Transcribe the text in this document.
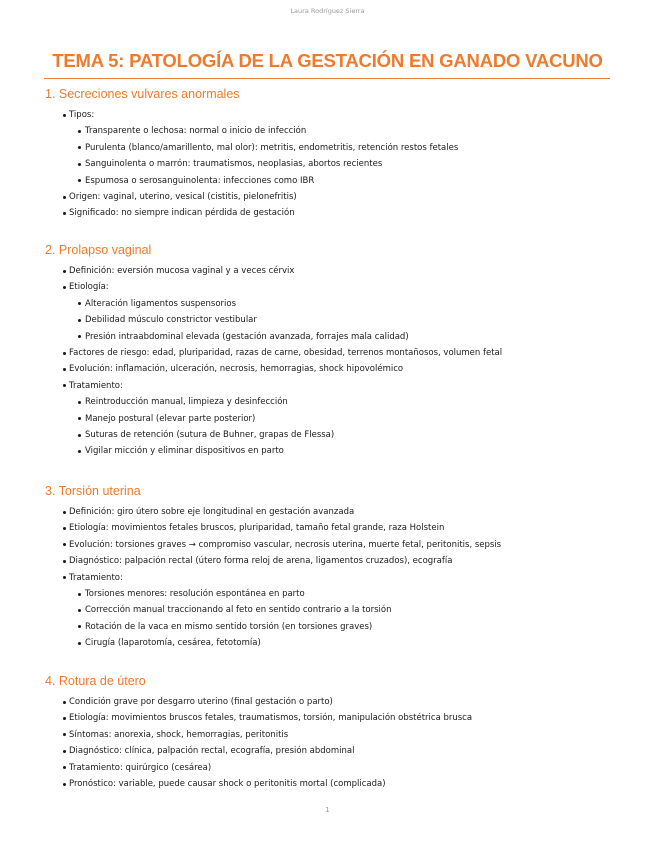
Laura Rodríguez Sierra
TEMA 5: PATOLOGÍA DE LA GESTACIÓN EN GANADO VACUNO
1. Secreciones vulvares anormales
Tipos:
Transparente o lechosa: normal o inicio de infección
Purulenta (blanco/amarillento, mal olor): metritis, endometritis, retención restos fetales
Sanguinolenta o marrón: traumatismos, neoplasias, abortos recientes
Espumosa o serosanguinolenta: infecciones como IBR
Origen: vaginal, uterino, vesical (cistitis, pielonefritis)
Significado: no siempre indican pérdida de gestación
2. Prolapso vaginal
Definición: eversión mucosa vaginal y a veces cérvix
Etiología:
Alteración ligamentos suspensorios
Debilidad músculo constrictor vestibular
Presión intraabdominal elevada (gestación avanzada, forrajes mala calidad)
Factores de riesgo: edad, pluriparidad, razas de carne, obesidad, terrenos montañosos, volumen fetal
Evolución: inflamación, ulceración, necrosis, hemorragias, shock hipovolémico
Tratamiento:
Reintroducción manual, limpieza y desinfección
Manejo postural (elevar parte posterior)
Suturas de retención (sutura de Buhner, grapas de Flessa)
Vigilar micción y eliminar dispositivos en parto
3. Torsión uterina
Definición: giro útero sobre eje longitudinal en gestación avanzada
Etiología: movimientos fetales bruscos, pluriparidad, tamaño fetal grande, raza Holstein
Evolución: torsiones graves → compromiso vascular, necrosis uterina, muerte fetal, peritonitis, sepsis
Diagnóstico: palpación rectal (útero forma reloj de arena, ligamentos cruzados), ecografía
Tratamiento:
Torsiones menores: resolución espontánea en parto
Corrección manual traccionando al feto en sentido contrario a la torsión
Rotación de la vaca en mismo sentido torsión (en torsiones graves)
Cirugía (laparotomía, cesárea, fetotomía)
4. Rotura de útero
Condición grave por desgarro uterino (final gestación o parto)
Etiología: movimientos bruscos fetales, traumatismos, torsión, manipulación obstétrica brusca
Síntomas: anorexia, shock, hemorragias, peritonitis
Diagnóstico: clínica, palpación rectal, ecografía, presión abdominal
Tratamiento: quirúrgico (cesárea)
Pronóstico: variable, puede causar shock o peritonitis mortal (complicada)
1
